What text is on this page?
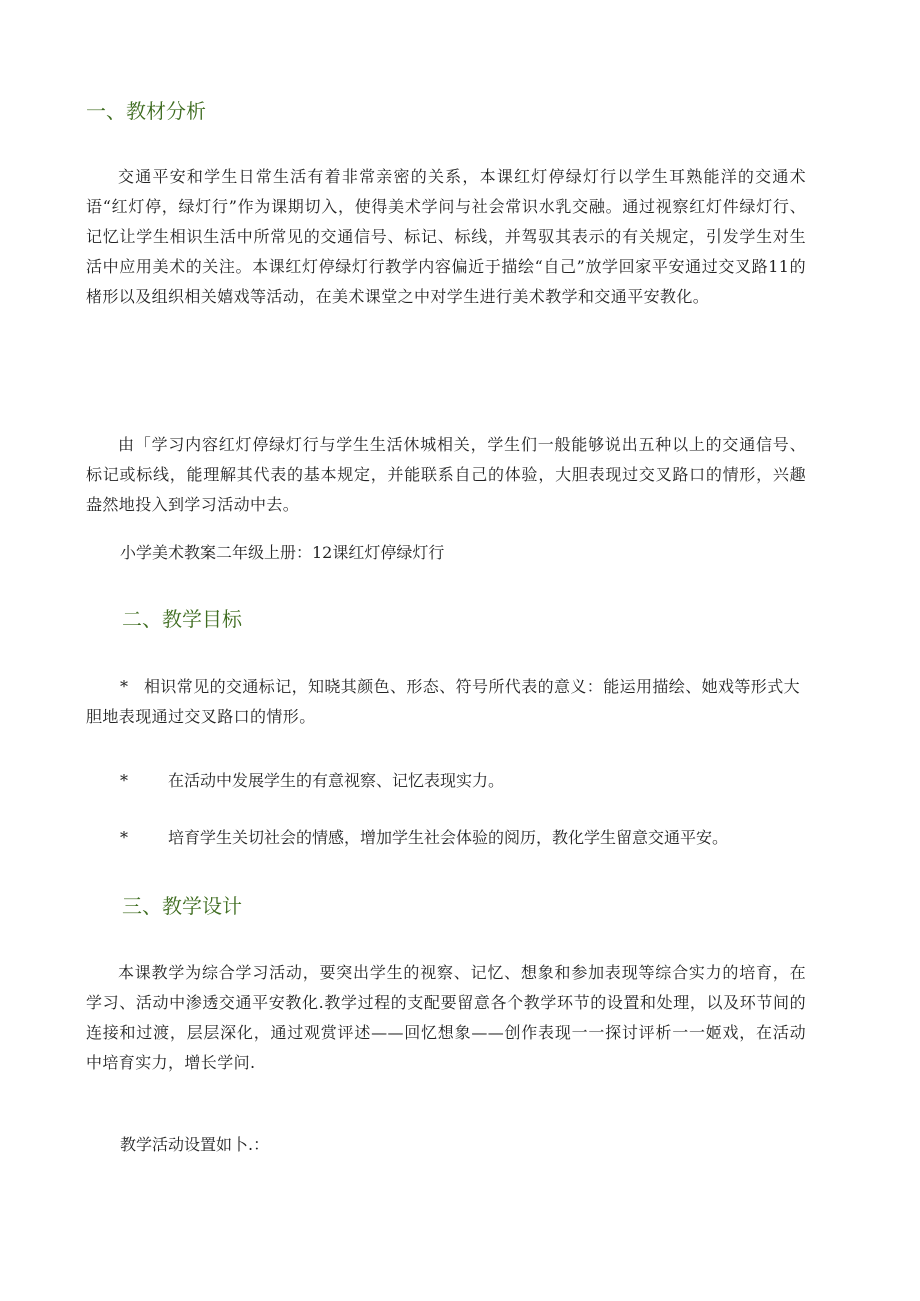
一、教材分析
交通平安和学生日常生活有着非常亲密的关系，本课红灯停绿灯行以学生耳熟能洋的交通术语“红灯停，绿灯行”作为课期切入，使得美术学问与社会常识水乳交融。通过视察红灯件绿灯行、记忆让学生相识生活中所常见的交通信号、标记、标线，并驾驭其表示的有关规定，引发学生对生活中应用美术的关注。本课红灯停绿灯行教学内容偏近于描绘“自己”放学回家平安通过交叉路11的楮形以及组织相关嬉戏等活动，在美术课堂之中对学生进行美术教学和交通平安教化。
由「学习内容红灯停绿灯行与学生生活休城相关，学生们一般能够说出五种以上的交通信号、标记或标线，能理解其代表的基本规定，并能联系自己的体验，大胆表现过交叉路口的情形，兴趣盎然地投入到学习活动中去。
小学美术教案二年级上册：12课红灯停绿灯行
二、教学目标
* 相识常见的交通标记，知晓其颜色、形态、符号所代表的意义：能运用描绘、她戏等形式大胆地表现通过交叉路口的情形。
*	在活动中发展学生的有意视察、记忆表现实力。
*	培育学生关切社会的情感，增加学生社会体验的阅历，教化学生留意交通平安。
三、教学设计
本课教学为综合学习活动，要突出学生的视察、记忆、想象和参加表现等综合实力的培育，在学习、活动中渗透交通平安教化.教学过程的支配要留意各个教学环节的设置和处理，以及环节间的连接和过渡，层层深化，通过观赏评述——回忆想象——创作表现一一探讨评析一一姬戏，在活动中培育实力，增长学问.
教学活动设置如卜.：
